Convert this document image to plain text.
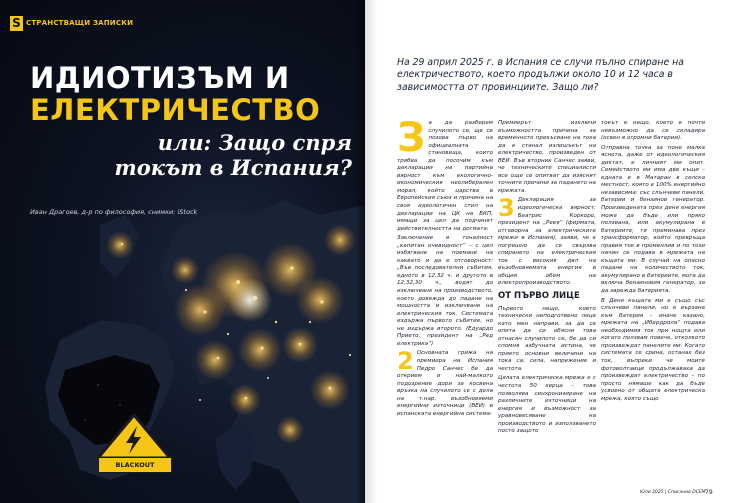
S СТРАНСТВАЩИ ЗАПИСКИ
ИДИОТИЗЪМ И
ЕЛЕКТРИЧЕСТВО
или: Защо спря токът в Испания?
Иван Драгоев, д-р по философия, снимки: iStock
BLACKOUT
На 29 април 2025 г. в Испания се случи пълно спиране на електричеството, което продължи около 10 и 12 часа в зависимостта от провинциите. Защо ли?

За да разберем случилото се, ще се позова първо на официалната становища, които трябва да посочим към декларации на партийна вярност към екологично-икономическия неолиберален морал, който царства в Европейския съюз и причина на своя идеологичен стил на декларации на ЦК на БКП, имащи за цел да подчинят действителността на догмата:

Заключение в тоналност „капитан очевидност“ – с цел избягване на поемане на каквато и да е отговорност: „Във последователни събития, едното в 12,32 ч. и другото в 12,32,30 ч., водят до изключване на производството, което довежда до падане на мощността и изключване на електрическия ток. Системата издържа първото събитие, но не издържа второто. (Едуардо Прието, президент на „Ред електрика“)

2 Основната грижа на премиера на Испания Педро Санчес бе да открием и най-малкото подозрение дори за косвена връзка на случилото се с дела на т.нар. възобновяеми енергийни източници (ВЕИ) в испанската енергийна система:

Премиерът изключи възможността причина за временното прекъсване на тока да е станал излишъкът на електричество, произведен от ВЕИ. Във вторник Санчес заяви, че техническите специалисти все още се опитват да изяснят точните причини за падането на мрежата.

3 Декларация за идеологическа вярност: Беатрис Коркоро, президент на „Реея“ (фирмата, отговорна за електрическите мрежи в Испания), заяви, че е погрешно да се свързва спирането на електрическия ток с високия дял на възобновяемата енергия в общия обем на електропроизводството.

ОТ ПЪРВО ЛИЦЕ

Първото нещо, което технически неподготвено лице като мен направи, за да се опита да си обясни това отнасян случилото се, бе да си спомня азбучната истина, че прието основни величини на тока са: сила, напрежение и честота.

Цялата електрическа мрежа е с честота 50 херца – това позволява синхронизиране на различните източници на енергия и възможност за уравновесяване на производството и използването посто защото

токът е нещо, което е почти невъзможно да се складира (освен в огромни батерии).

Отправна точка за поне малка яснота, даже от идеологическия диктат, е личният ми опит. Семейството ми има две къщи – едната е в Матаран в селска местност, която е 100% енергийно независима: със слънчеви панели, батерии и бензинов генератор. Произведената през деня енергия може да бъде или пряко ползвана, или акумулирана в батериите; тя преминава през трансформатор, който превръща правия ток в променлив и по този начин се подава в мрежата на къщата ми. В случай на опасно падане на количеството ток, акумулирано в батериите, мога да включа бензиновия генератор, за да зарежда батерията.

В Деня къщата ми е също със слънчеви панели, но е вързана към батерия – иначе казано, мрежата на „Ибердрола“ подава необходимия ток при нощта или когато ползвам повече, отколкото произвеждат панелите ми. Когато системата се срина, останах без ток, въпреки че моите фотоволтаици продължаваха да произвеждат електричество – по просто нямаше как да бъде усвоено от общата електрическа мрежа, която също

Юли 2025 | Списание DCEM 79
